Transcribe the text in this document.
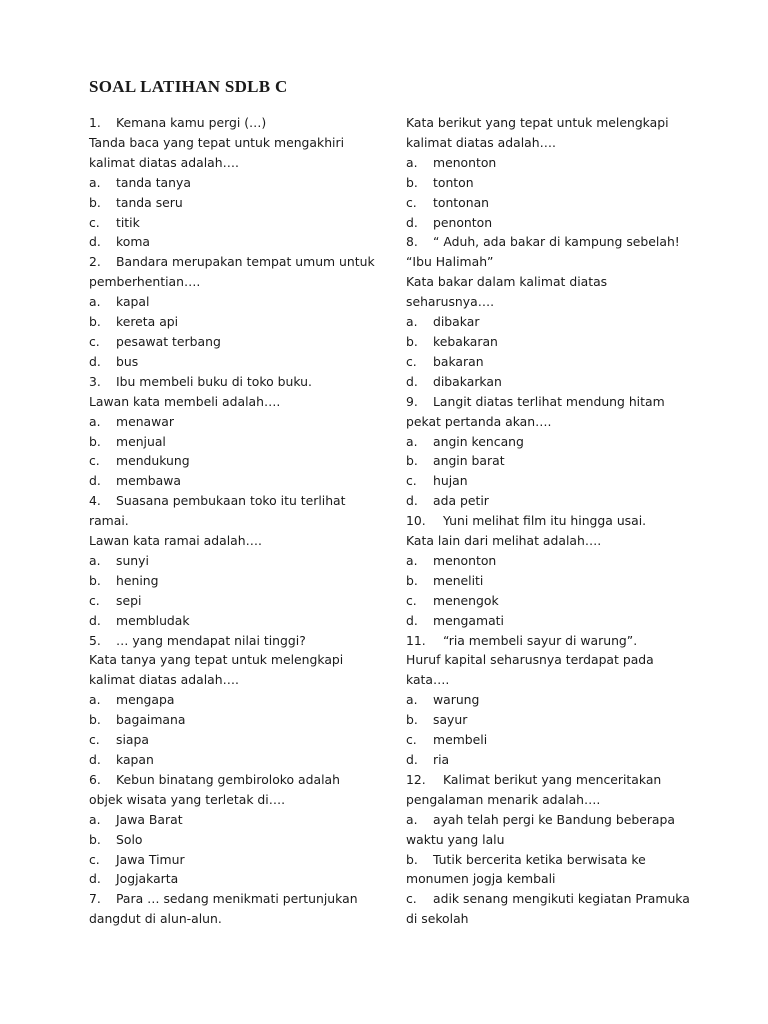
SOAL LATIHAN SDLB C
1.	Kemana kamu pergi (…)
Tanda baca yang tepat untuk mengakhiri
kalimat diatas adalah….
a.	tanda tanya
b.	tanda seru
c.	titik
d.	koma
2.	Bandara merupakan tempat umum untuk
pemberhentian….
a.	kapal
b.	kereta api
c.	pesawat terbang
d.	bus
3.	Ibu membeli buku di toko buku.
Lawan kata membeli adalah….
a.	menawar
b.	menjual
c.	mendukung
d.	membawa
4.	Suasana pembukaan toko itu terlihat
ramai.
Lawan kata ramai adalah….
a.	sunyi
b.	hening
c.	sepi
d.	membludak
5.	… yang mendapat nilai tinggi?
Kata tanya yang tepat untuk melengkapi
kalimat diatas adalah….
a.	mengapa
b.	bagaimana
c.	siapa
d.	kapan
6.	Kebun binatang gembiroloko adalah
objek wisata yang terletak di….
a.	Jawa Barat
b.	Solo
c.	Jawa Timur
d.	Jogjakarta
7.	Para … sedang menikmati pertunjukan
dangdut di alun-alun.
Kata berikut yang tepat untuk melengkapi
kalimat diatas adalah….
a.	menonton
b.	tonton
c.	tontonan
d.	penonton
8.	“ Aduh, ada bakar di kampung sebelah!
“Ibu Halimah”
Kata bakar dalam kalimat diatas
seharusnya….
a.	dibakar
b.	kebakaran
c.	bakaran
d.	dibakarkan
9.	Langit diatas terlihat mendung hitam
pekat pertanda akan….
a.	angin kencang
b.	angin barat
c.	hujan
d.	ada petir
10.	Yuni melihat film itu hingga usai.
Kata lain dari melihat adalah….
a.	menonton
b.	meneliti
c.	menengok
d.	mengamati
11.	“ria membeli sayur di warung”.
Huruf kapital seharusnya terdapat pada
kata….
a.	warung
b.	sayur
c.	membeli
d.	ria
12.	Kalimat berikut yang menceritakan
pengalaman menarik adalah….
a.	ayah telah pergi ke Bandung beberapa
waktu yang lalu
b.	Tutik bercerita ketika berwisata ke
monumen jogja kembali
c.	adik senang mengikuti kegiatan Pramuka
di sekolah
